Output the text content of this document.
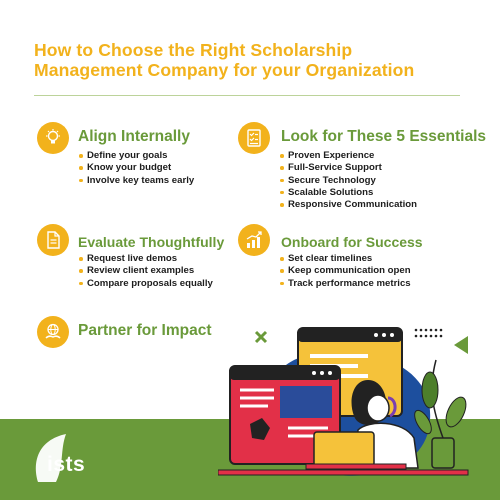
How to Choose the Right Scholarship
Management Company for your Organization
Align Internally
Define your goals
Know your budget
Involve key teams early
Look for These 5 Essentials
Proven Experience
Full-Service Support
Secure Technology
Scalable Solutions
Responsive Communication
Evaluate Thoughtfully
Request live demos
Review client examples
Compare proposals equally
Onboard for Success
Set clear timelines
Keep communication open
Track performance metrics
Partner for Impact
ists
